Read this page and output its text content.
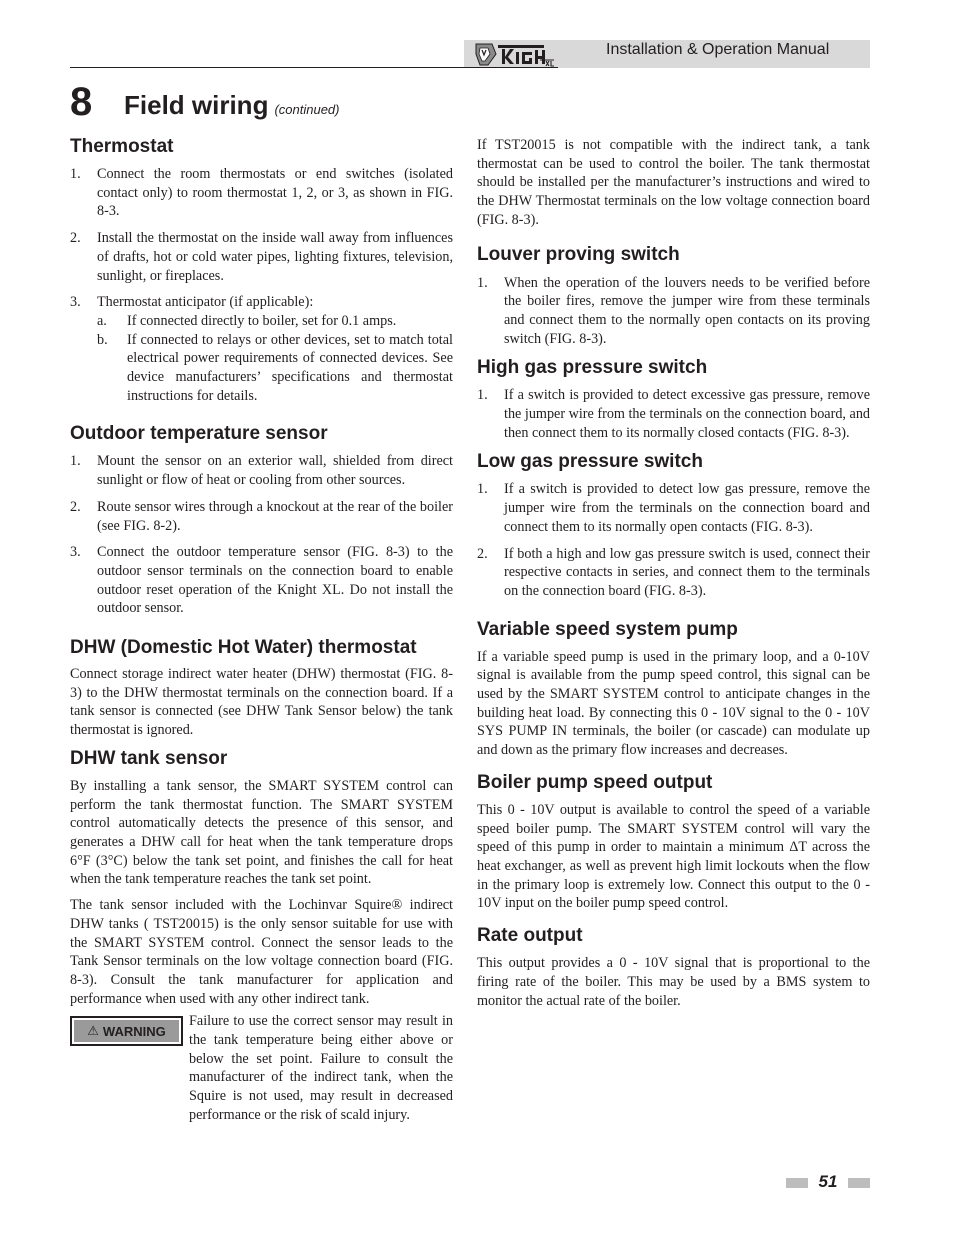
Installation & Operation Manual
8 Field wiring (continued)
Thermostat
1. Connect the room thermostats or end switches (isolated contact only) to room thermostat 1, 2, or 3, as shown in FIG. 8-3.
2. Install the thermostat on the inside wall away from influences of drafts, hot or cold water pipes, lighting fixtures, television, sunlight, or fireplaces.
3. Thermostat anticipator (if applicable):
a. If connected directly to boiler, set for 0.1 amps.
b. If connected to relays or other devices, set to match total electrical power requirements of connected devices. See device manufacturers’ specifications and thermostat instructions for details.
Outdoor temperature sensor
1. Mount the sensor on an exterior wall, shielded from direct sunlight or flow of heat or cooling from other sources.
2. Route sensor wires through a knockout at the rear of the boiler (see FIG. 8-2).
3. Connect the outdoor temperature sensor (FIG. 8-3) to the outdoor sensor terminals on the connection board to enable outdoor reset operation of the Knight XL. Do not install the outdoor sensor.
DHW (Domestic Hot Water) thermostat

Connect storage indirect water heater (DHW) thermostat (FIG. 8-3) to the DHW thermostat terminals on the connection board. If a tank sensor is connected (see DHW Tank Sensor below) the tank thermostat is ignored.

DHW tank sensor

By installing a tank sensor, the SMART SYSTEM control can perform the tank thermostat function. The SMART SYSTEM control automatically detects the presence of this sensor, and generates a DHW call for heat when the tank temperature drops 6°F (3°C) below the tank set point, and finishes the call for heat when the tank temperature reaches the tank set point.

The tank sensor included with the Lochinvar Squire® indirect DHW tanks ( TST20015) is the only sensor suitable for use with the SMART SYSTEM control. Connect the sensor leads to the Tank Sensor terminals on the low voltage connection board (FIG. 8-3). Consult the tank manufacturer for application and performance when used with any other indirect tank.

⚠ WARNING

Failure to use the correct sensor may result in the tank temperature being either above or below the set point. Failure to consult the manufacturer of the indirect tank, when the Squire is not used, may result in decreased performance or the risk of scald injury.

If TST20015 is not compatible with the indirect tank, a tank thermostat can be used to control the boiler. The tank thermostat should be installed per the manufacturer’s instructions and wired to the DHW Thermostat terminals on the low voltage connection board (FIG. 8-3).

Louver proving switch
1. When the operation of the louvers needs to be verified before the boiler fires, remove the jumper wire from these terminals and connect them to the normally open contacts on its proving switch (FIG. 8-3).
High gas pressure switch
1. If a switch is provided to detect excessive gas pressure, remove the jumper wire from the terminals on the connection board, and then connect them to its normally closed contacts (FIG. 8-3).
Low gas pressure switch
1. If a switch is provided to detect low gas pressure, remove the jumper wire from the terminals on the connection board and connect them to its normally open contacts (FIG. 8-3).
2. If both a high and low gas pressure switch is used, connect their respective contacts in series, and connect them to the terminals on the connection board (FIG. 8-3).
Variable speed system pump

If a variable speed pump is used in the primary loop, and a 0-10V signal is available from the pump speed control, this signal can be used by the SMART SYSTEM control to anticipate changes in the building heat load. By connecting this 0 - 10V signal to the 0 - 10V SYS PUMP IN terminals, the boiler (or cascade) can modulate up and down as the primary flow increases and decreases.

Boiler pump speed output

This 0 - 10V output is available to control the speed of a variable speed boiler pump. The SMART SYSTEM control will vary the speed of this pump in order to maintain a minimum ΔT across the heat exchanger, as well as prevent high limit lockouts when the flow in the primary loop is extremely low. Connect this output to the 0 - 10V input on the boiler pump speed control.

Rate output

This output provides a 0 - 10V signal that is proportional to the firing rate of the boiler. This may be used by a BMS system to monitor the actual rate of the boiler.

51
